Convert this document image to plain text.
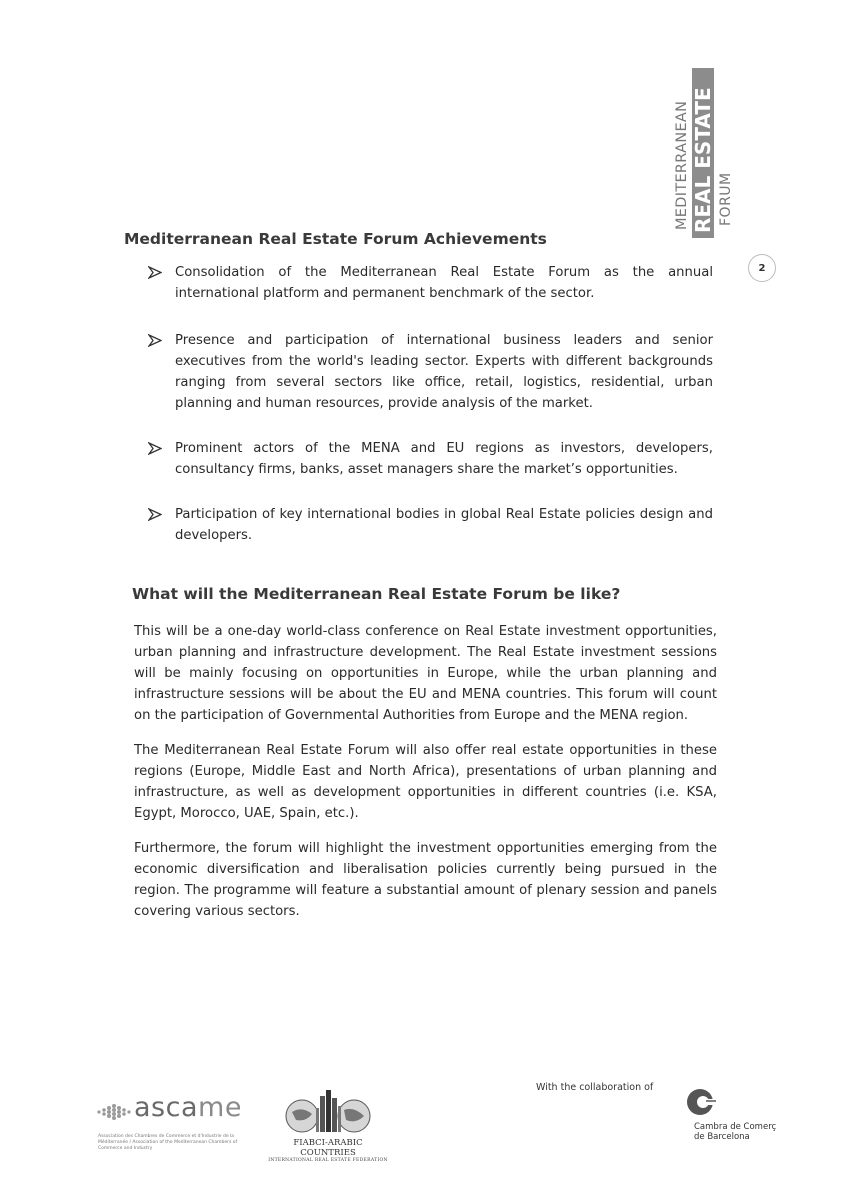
MEDITERRANEAN REAL ESTATE FORUM
2
Mediterranean Real Estate Forum Achievements
Consolidation of the Mediterranean Real Estate Forum as the annual international platform and permanent benchmark of the sector.
Presence and participation of international business leaders and senior executives from the world's leading sector. Experts with different backgrounds ranging from several sectors like office, retail, logistics, residential, urban planning and human resources, provide analysis of the market.
Prominent actors of the MENA and EU regions as investors, developers, consultancy firms, banks, asset managers share the market’s opportunities.
Participation of key international bodies in global Real Estate policies design and developers.
What will the Mediterranean Real Estate Forum be like?

This will be a one-day world-class conference on Real Estate investment opportunities, urban planning and infrastructure development. The Real Estate investment sessions will be mainly focusing on opportunities in Europe, while the urban planning and infrastructure sessions will be about the EU and MENA countries. This forum will count on the participation of Governmental Authorities from Europe and the MENA region.

The Mediterranean Real Estate Forum will also offer real estate opportunities in these regions (Europe, Middle East and North Africa), presentations of urban planning and infrastructure, as well as development opportunities in different countries (i.e. KSA, Egypt, Morocco, UAE, Spain, etc.).

Furthermore, the forum will highlight the investment opportunities emerging from the economic diversification and liberalisation policies currently being pursued in the region. The programme will feature a substantial amount of plenary session and panels covering various sectors.

ascame
Association des Chambres de Commerce et d'Industrie de la Méditerranée / Association of the Mediterranean Chambers of Commerce and Industry
FIABCI-ARABIC COUNTRIES
INTERNATIONAL REAL ESTATE FEDERATION
With the collaboration of
Cambra de Comerç
de Barcelona
